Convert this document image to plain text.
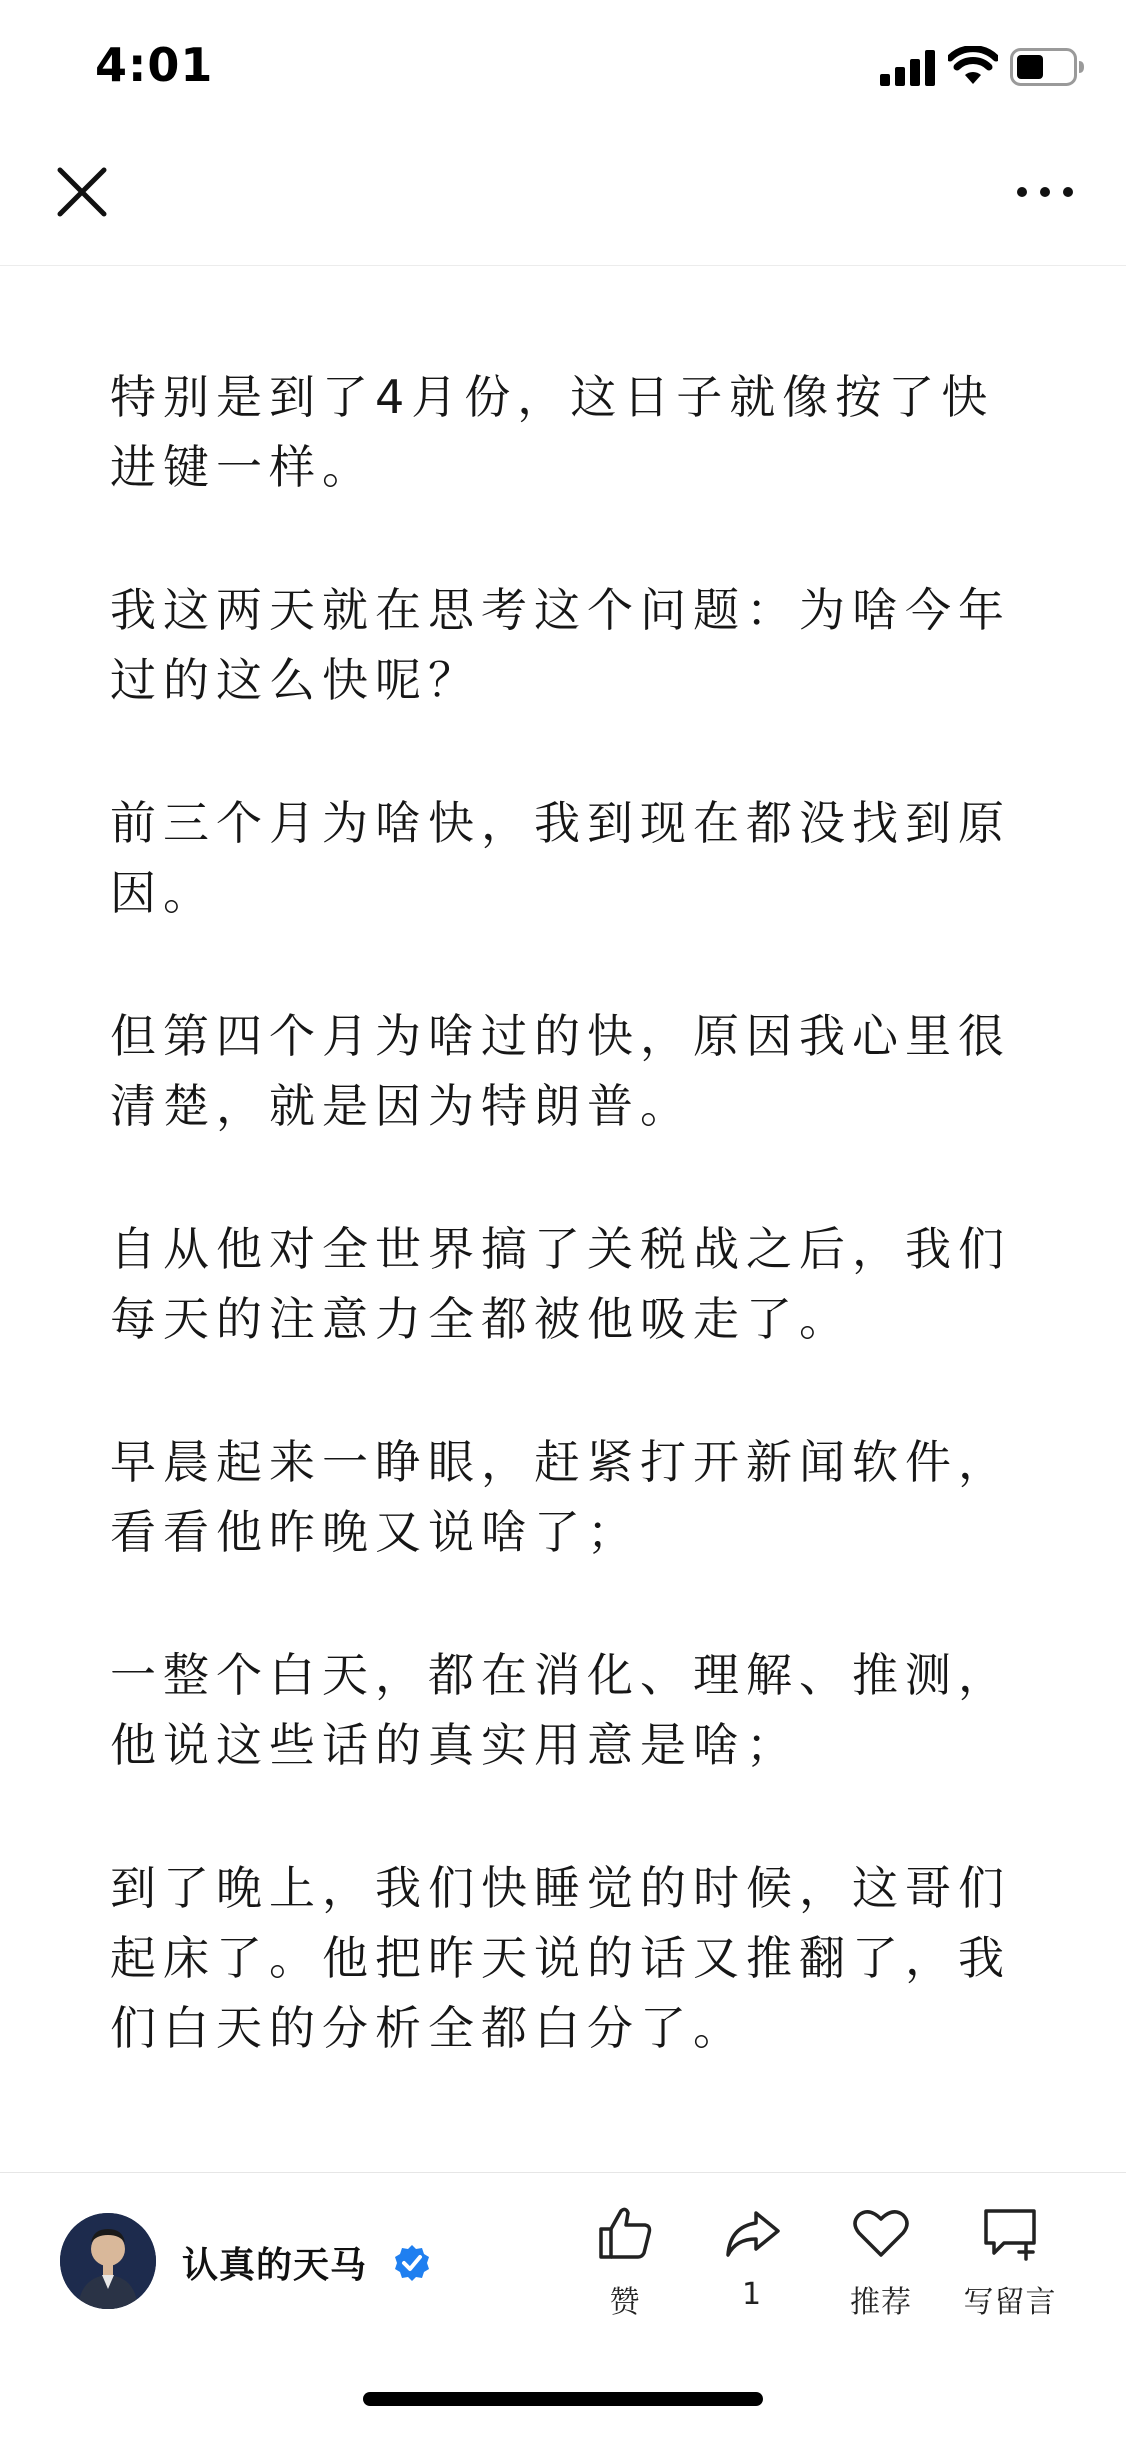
4:01

特别是到了4月份，这日子就像按了快进键一样。

我这两天就在思考这个问题：为啥今年过的这么快呢？

前三个月为啥快，我到现在都没找到原因。

但第四个月为啥过的快，原因我心里很清楚，就是因为特朗普。

自从他对全世界搞了关税战之后，我们每天的注意力全都被他吸走了。

早晨起来一睁眼，赶紧打开新闻软件，看看他昨晚又说啥了；

一整个白天，都在消化、理解、推测，他说这些话的真实用意是啥；

到了晚上，我们快睡觉的时候，这哥们起床了。他把昨天说的话又推翻了，我们白天的分析全都白分了。

认真的天马
赞	1	推荐	写留言
